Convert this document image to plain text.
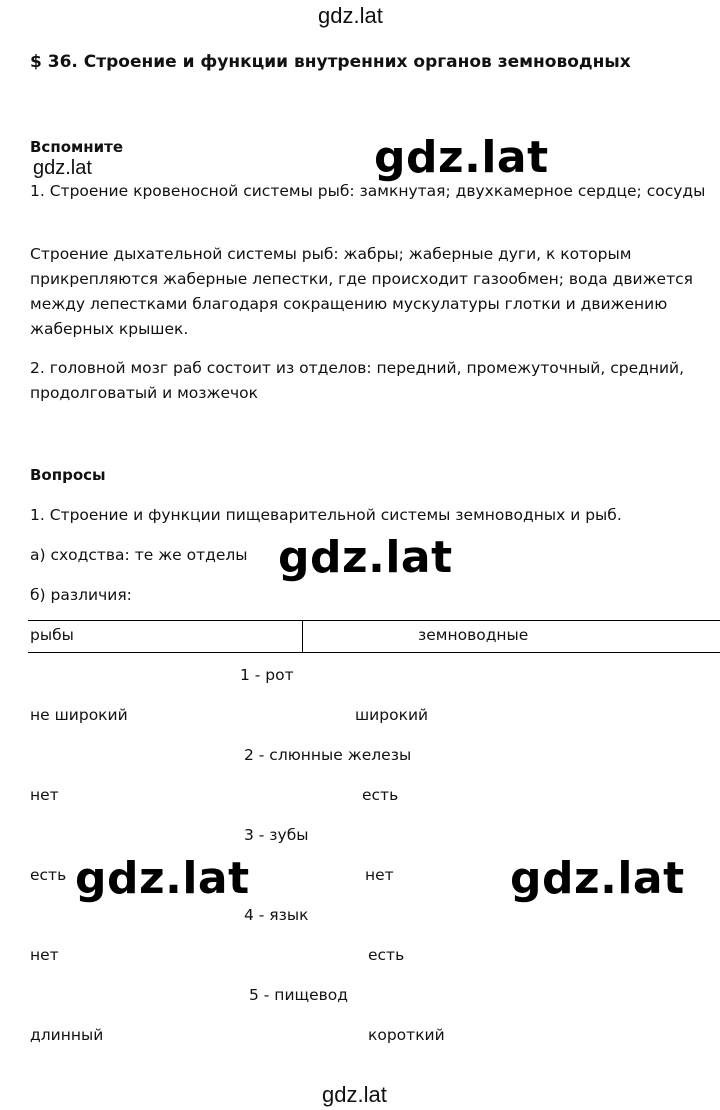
gdz.lat
$ 36. Строение и функции внутренних органов земноводных
Вспомните
gdz.lat	gdz.lat
1. Строение кровеносной системы рыб: замкнутая; двухкамерное сердце; сосуды
Строение дыхательной системы рыб: жабры; жаберные дуги, к которым прикрепляются жаберные лепестки, где происходит газообмен; вода движется между лепестками благодаря сокращению мускулатуры глотки и движению жаберных крышек.
2. головной мозг раб состоит из отделов: передний, промежуточный, средний, продолговатый и мозжечок
Вопросы
1. Строение и функции пищеварительной системы земноводных и рыб.
а) сходства: те же отделы gdz.lat
б) различия:
рыбы	земноводные
1 - рот
не широкий	широкий
2 - слюнные железы
нет	есть
3 - зубы
есть	нет
gdz.lat	gdz.lat
4 - язык
нет	есть
5 - пищевод
длинный	короткий
gdz.lat
